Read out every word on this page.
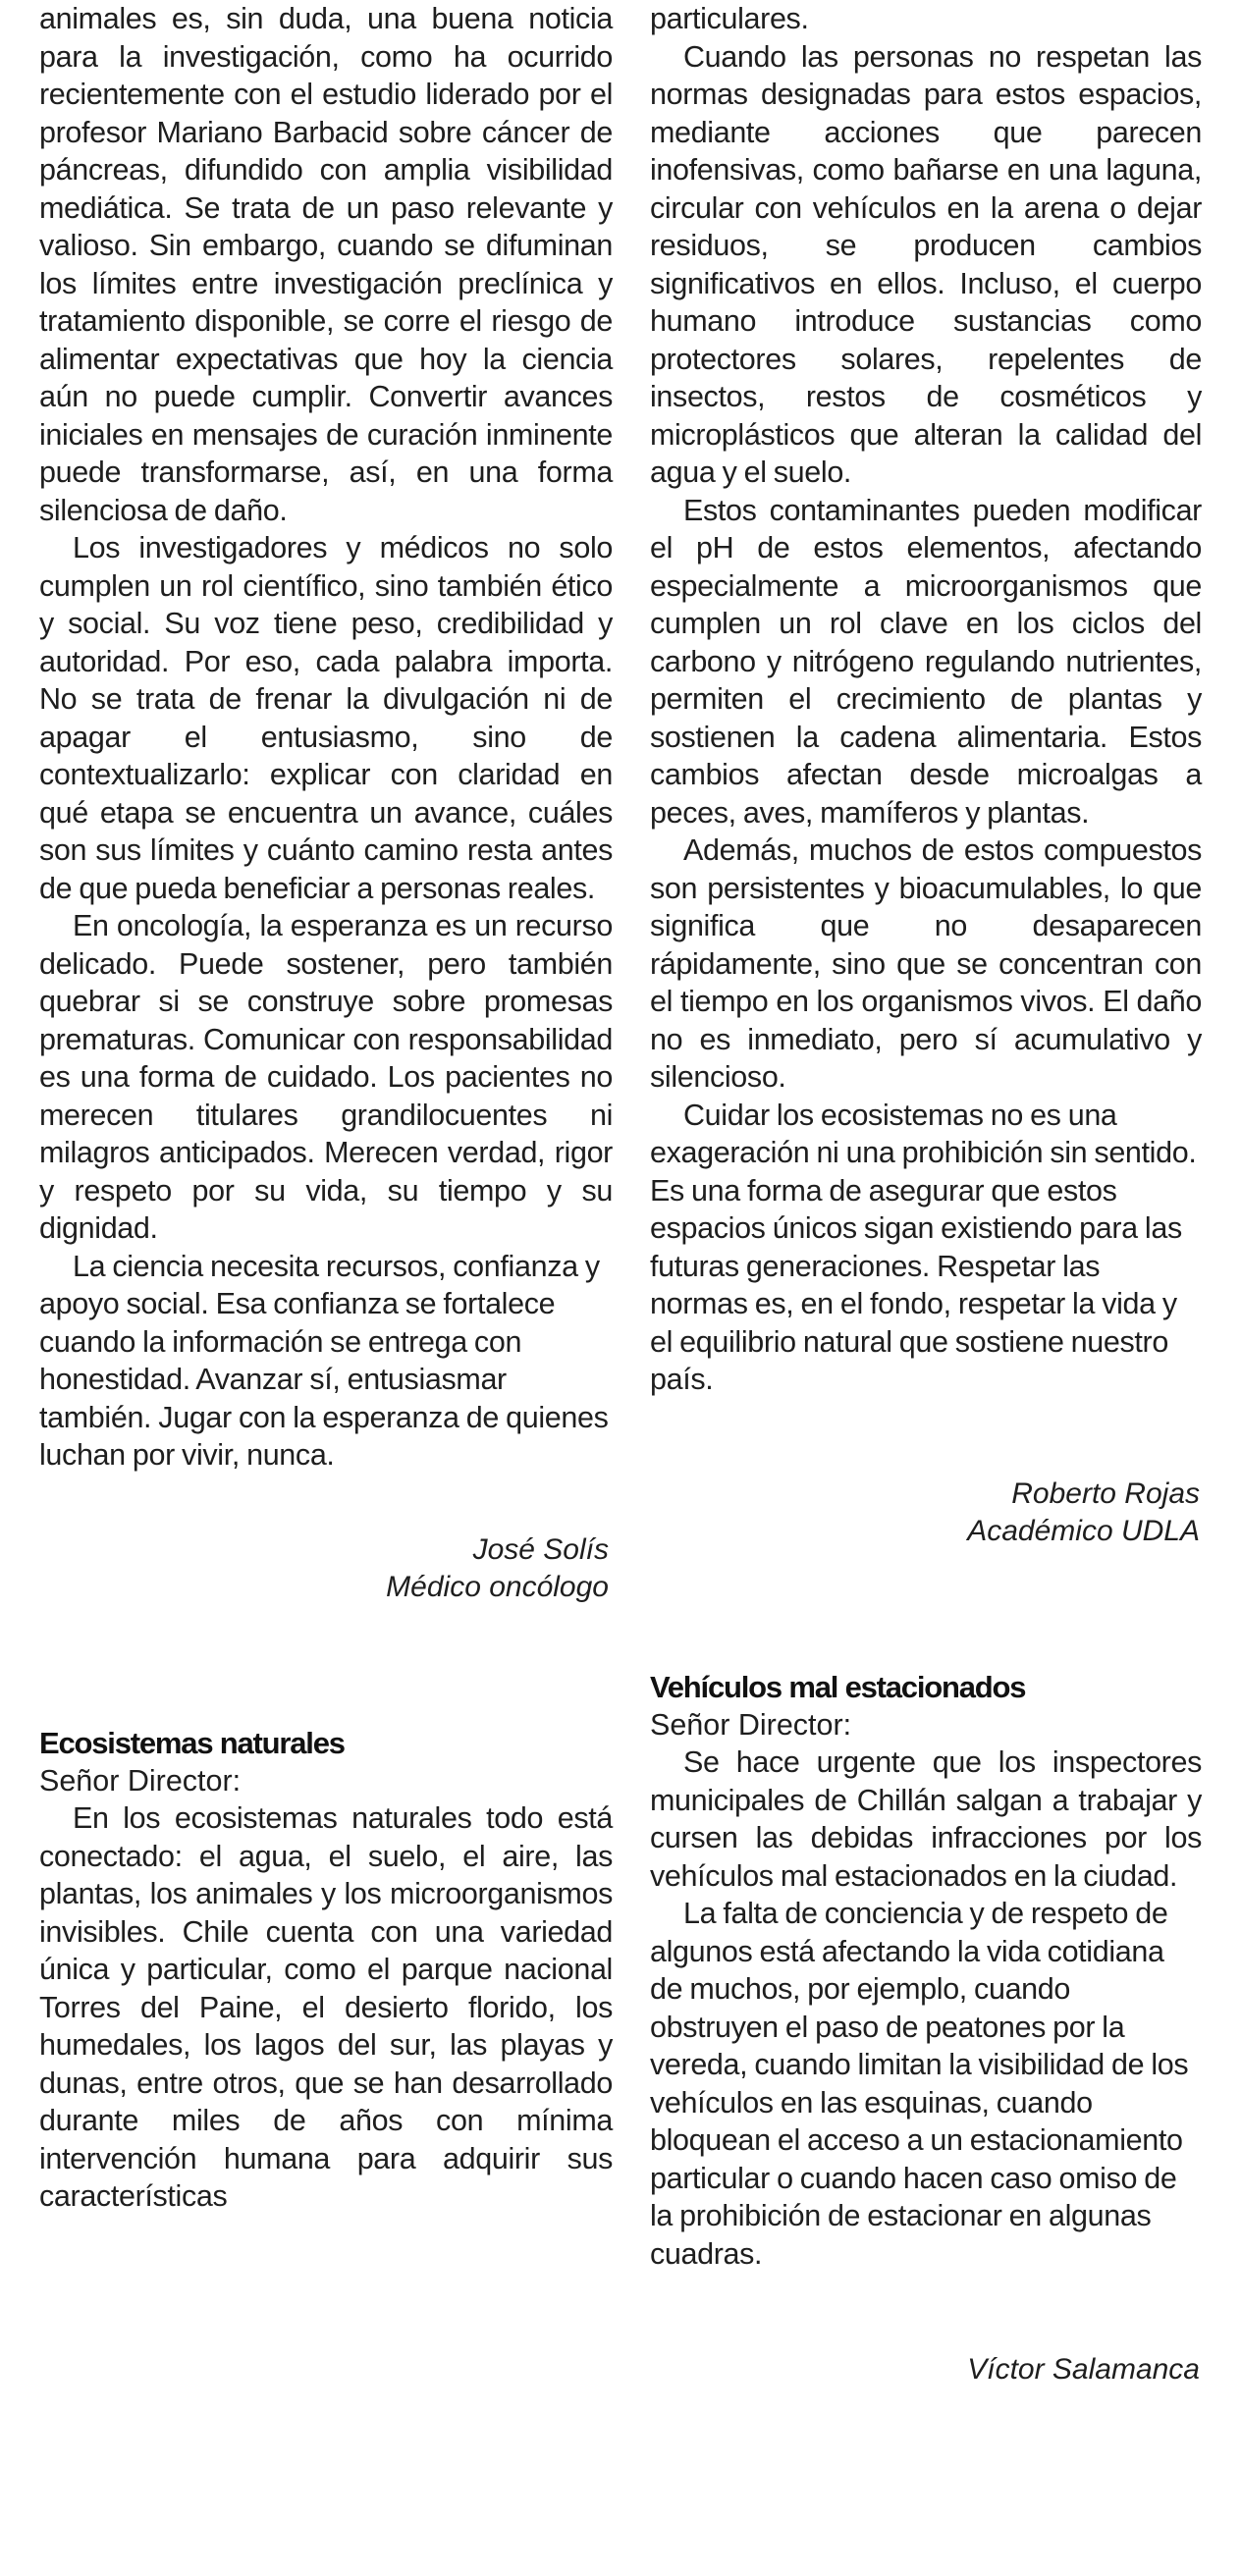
animales es, sin duda, una buena noticia para la investigación, como ha ocurrido recientemente con el estudio liderado por el profesor Mariano Barbacid sobre cáncer de páncreas, difundido con amplia visibilidad mediática. Se trata de un paso relevante y valioso. Sin embargo, cuando se difuminan los límites entre investigación preclínica y tratamiento disponible, se corre el riesgo de alimentar expectativas que hoy la ciencia aún no puede cumplir. Convertir avances iniciales en mensajes de curación inminente puede transformarse, así, en una forma silenciosa de daño.

Los investigadores y médicos no solo cumplen un rol científico, sino también ético y social. Su voz tiene peso, credibilidad y autoridad. Por eso, cada palabra importa. No se trata de frenar la divulgación ni de apagar el entusiasmo, sino de contextualizarlo: explicar con claridad en qué etapa se encuentra un avance, cuáles son sus límites y cuánto camino resta antes de que pueda beneficiar a personas reales.

En oncología, la esperanza es un recurso delicado. Puede sostener, pero también quebrar si se construye sobre promesas prematuras. Comunicar con responsabilidad es una forma de cuidado. Los pacientes no merecen titulares grandilocuentes ni milagros anticipados. Merecen verdad, rigor y respeto por su vida, su tiempo y su dignidad.

La ciencia necesita recursos, confianza y apoyo social. Esa confianza se fortalece cuando la información se entrega con honestidad. Avanzar sí, entusiasmar también. Jugar con la esperanza de quienes luchan por vivir, nunca.

José Solís

Médico oncólogo

Ecosistemas naturales

Señor Director:

En los ecosistemas naturales todo está conectado: el agua, el suelo, el aire, las plantas, los animales y los microorganismos invisibles. Chile cuenta con una variedad única y particular, como el parque nacional Torres del Paine, el desierto florido, los humedales, los lagos del sur, las playas y dunas, entre otros, que se han desarrollado durante miles de años con mínima intervención humana para adquirir sus características

particulares.

Cuando las personas no respetan las normas designadas para estos espacios, mediante acciones que parecen inofensivas, como bañarse en una laguna, circular con vehículos en la arena o dejar residuos, se producen cambios significativos en ellos. Incluso, el cuerpo humano introduce sustancias como protectores solares, repelentes de insectos, restos de cosméticos y microplásticos que alteran la calidad del agua y el suelo.

Estos contaminantes pueden modificar el pH de estos elementos, afectando especialmente a microorganismos que cumplen un rol clave en los ciclos del carbono y nitrógeno regulando nutrientes, permiten el crecimiento de plantas y sostienen la cadena alimentaria. Estos cambios afectan desde microalgas a peces, aves, mamíferos y plantas.

Además, muchos de estos compuestos son persistentes y bioacumulables, lo que significa que no desaparecen rápidamente, sino que se concentran con el tiempo en los organismos vivos. El daño no es inmediato, pero sí acumulativo y silencioso.

Cuidar los ecosistemas no es una exageración ni una prohibición sin sentido. Es una forma de asegurar que estos espacios únicos sigan existiendo para las futuras generaciones. Respetar las normas es, en el fondo, respetar la vida y el equilibrio natural que sostiene nuestro país.

Roberto Rojas

Académico UDLA

Vehículos mal estacionados

Señor Director:

Se hace urgente que los inspectores municipales de Chillán salgan a trabajar y cursen las debidas infracciones por los vehículos mal estacionados en la ciudad.

La falta de conciencia y de respeto de algunos está afectando la vida cotidiana de muchos, por ejemplo, cuando obstruyen el paso de peatones por la vereda, cuando limitan la visibilidad de los vehículos en las esquinas, cuando bloquean el acceso a un estacionamiento particular o cuando hacen caso omiso de la prohibición de estacionar en algunas cuadras.

Víctor Salamanca
